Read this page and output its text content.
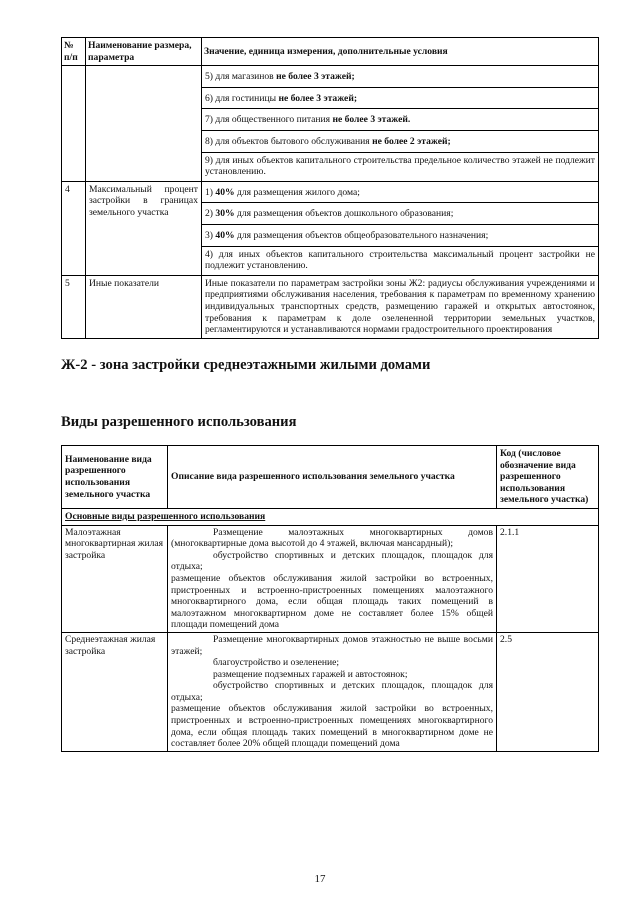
№ п/п	Наименование размера, параметра	Значение, единица измерения, дополнительные условия

		5) для магазинов не более 3 этажей;
6) для гостиницы не более 3 этажей;
7) для общественного питания не более 3 этажей.
8) для объектов бытового обслуживания не более 2 этажей;
9) для иных объектов капитального строительства предельное количество этажей не подлежит установлению.

4	Максимальный процент застройки в границах земельного участка	1) 40% для размещения жилого дома;
2) 30% для размещения объектов дошкольного образования;
3) 40% для размещения объектов общеобразовательного назначения;
4) для иных объектов капитального строительства максимальный процент застройки не подлежит установлению.

5	Иные показатели	Иные показатели по параметрам застройки зоны Ж2: радиусы обслуживания учреждениями и предприятиями обслуживания населения, требования к параметрам по временному хранению индивидуальных транспортных средств, размещению гаражей и открытых автостоянок, требования к параметрам к доле озелененной территории земельных участков, регламентируются и устанавливаются нормами градостроительного проектирования
Ж-2 - зона застройки среднеэтажными жилыми домами
Виды разрешенного использования
Наименование вида разрешенного использования земельного участка	Описание вида разрешенного использования земельного участка	Код (числовое обозначение вида разрешенного использования земельного участка)
Основные виды разрешенного использования		
Малоэтажная многоквартирная жилая застройка	Размещение малоэтажных многоквартирных домов (многоквартирные дома высотой до 4 этажей, включая мансардный);

обустройство спортивных и детских площадок, площадок для отдыха;

размещение объектов обслуживания жилой застройки во встроенных, пристроенных и встроенно-пристроенных помещениях малоэтажного многоквартирного дома, если общая площадь таких помещений в малоэтажном многоквартирном доме не составляет более 15% общей площади помещений дома	2.1.1
Среднеэтажная жилая застройка	Размещение многоквартирных домов этажностью не выше восьми этажей;

благоустройство и озеленение;

размещение подземных гаражей и автостоянок;

обустройство спортивных и детских площадок, площадок для отдыха;

размещение объектов обслуживания жилой застройки во встроенных, пристроенных и встроенно-пристроенных помещениях многоквартирного дома, если общая площадь таких помещений в многоквартирном доме не составляет более 20% общей площади помещений дома	2.5
17
